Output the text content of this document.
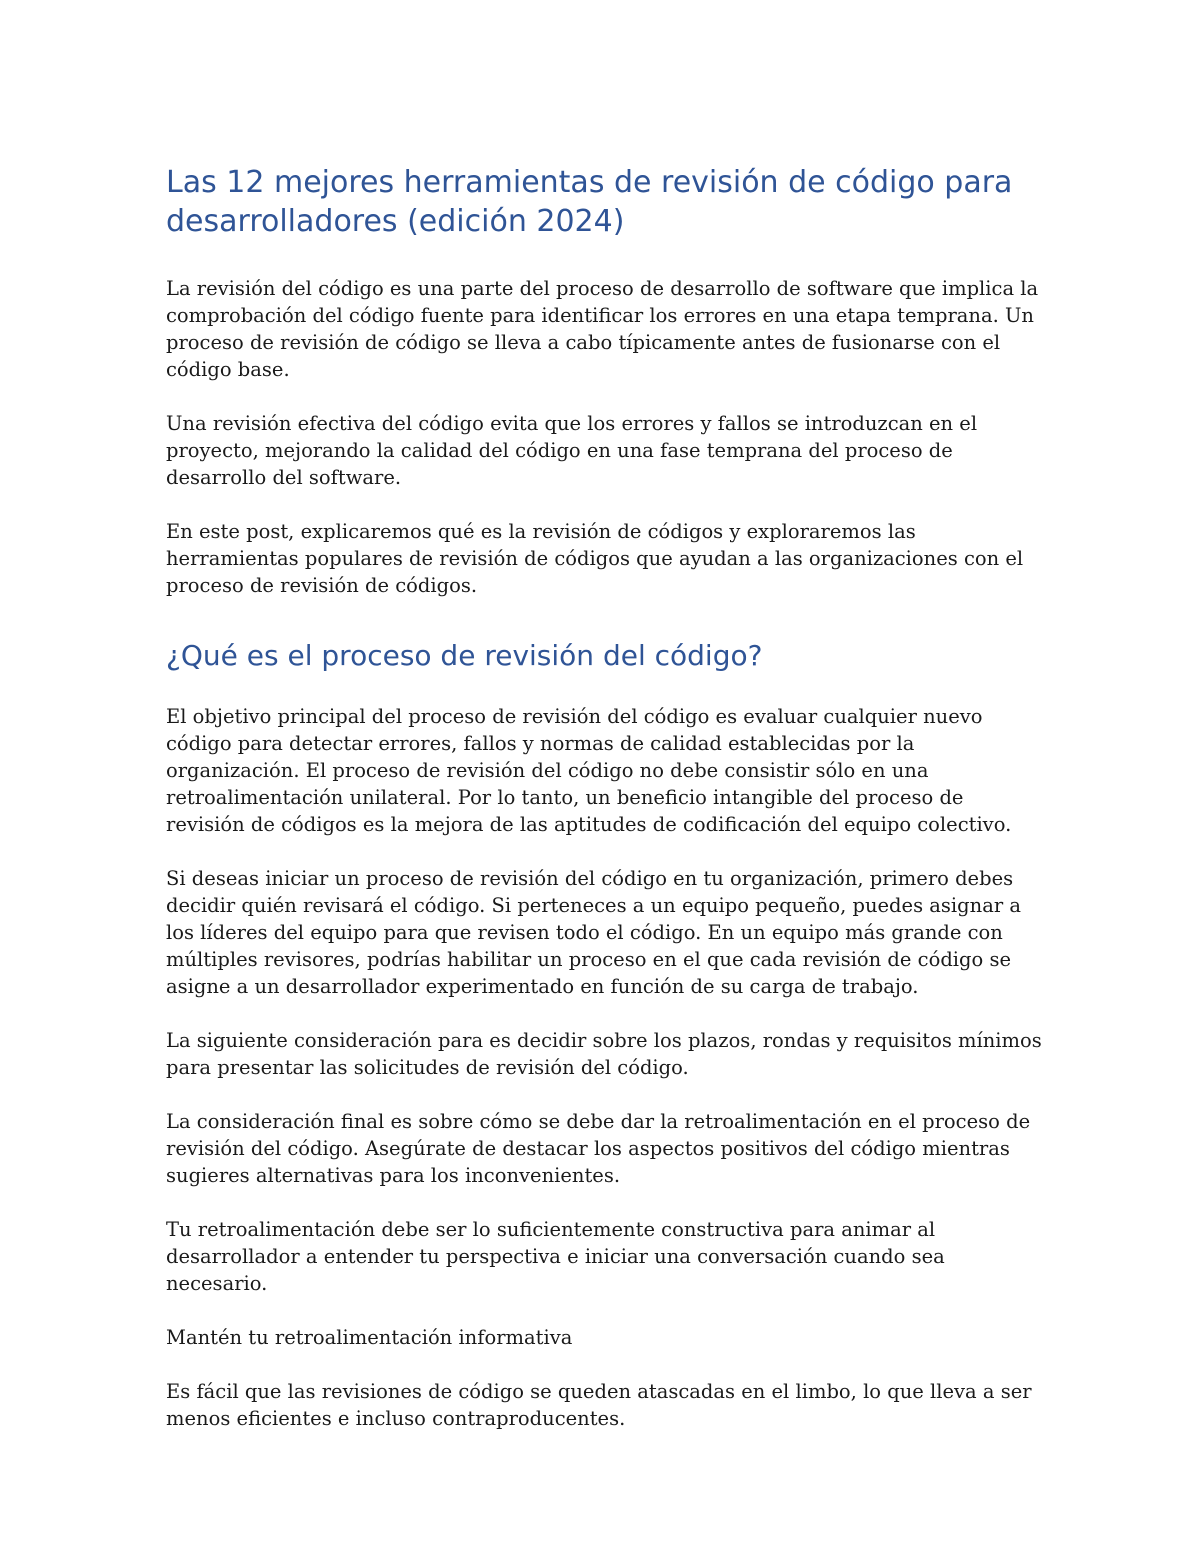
Las 12 mejores herramientas de revisión de código para desarrolladores (edición 2024)

La revisión del código es una parte del proceso de desarrollo de software que implica la comprobación del código fuente para identificar los errores en una etapa temprana. Un proceso de revisión de código se lleva a cabo típicamente antes de fusionarse con el código base.

Una revisión efectiva del código evita que los errores y fallos se introduzcan en el proyecto, mejorando la calidad del código en una fase temprana del proceso de desarrollo del software.

En este post, explicaremos qué es la revisión de códigos y exploraremos las herramientas populares de revisión de códigos que ayudan a las organizaciones con el proceso de revisión de códigos.

¿Qué es el proceso de revisión del código?

El objetivo principal del proceso de revisión del código es evaluar cualquier nuevo código para detectar errores, fallos y normas de calidad establecidas por la organización. El proceso de revisión del código no debe consistir sólo en una retroalimentación unilateral. Por lo tanto, un beneficio intangible del proceso de revisión de códigos es la mejora de las aptitudes de codificación del equipo colectivo.

Si deseas iniciar un proceso de revisión del código en tu organización, primero debes decidir quién revisará el código. Si perteneces a un equipo pequeño, puedes asignar a los líderes del equipo para que revisen todo el código. En un equipo más grande con múltiples revisores, podrías habilitar un proceso en el que cada revisión de código se asigne a un desarrollador experimentado en función de su carga de trabajo.

La siguiente consideración para es decidir sobre los plazos, rondas y requisitos mínimos para presentar las solicitudes de revisión del código.

La consideración final es sobre cómo se debe dar la retroalimentación en el proceso de revisión del código. Asegúrate de destacar los aspectos positivos del código mientras sugieres alternativas para los inconvenientes.

Tu retroalimentación debe ser lo suficientemente constructiva para animar al desarrollador a entender tu perspectiva e iniciar una conversación cuando sea necesario.

Mantén tu retroalimentación informativa

Es fácil que las revisiones de código se queden atascadas en el limbo, lo que lleva a ser menos eficientes e incluso contraproducentes.
